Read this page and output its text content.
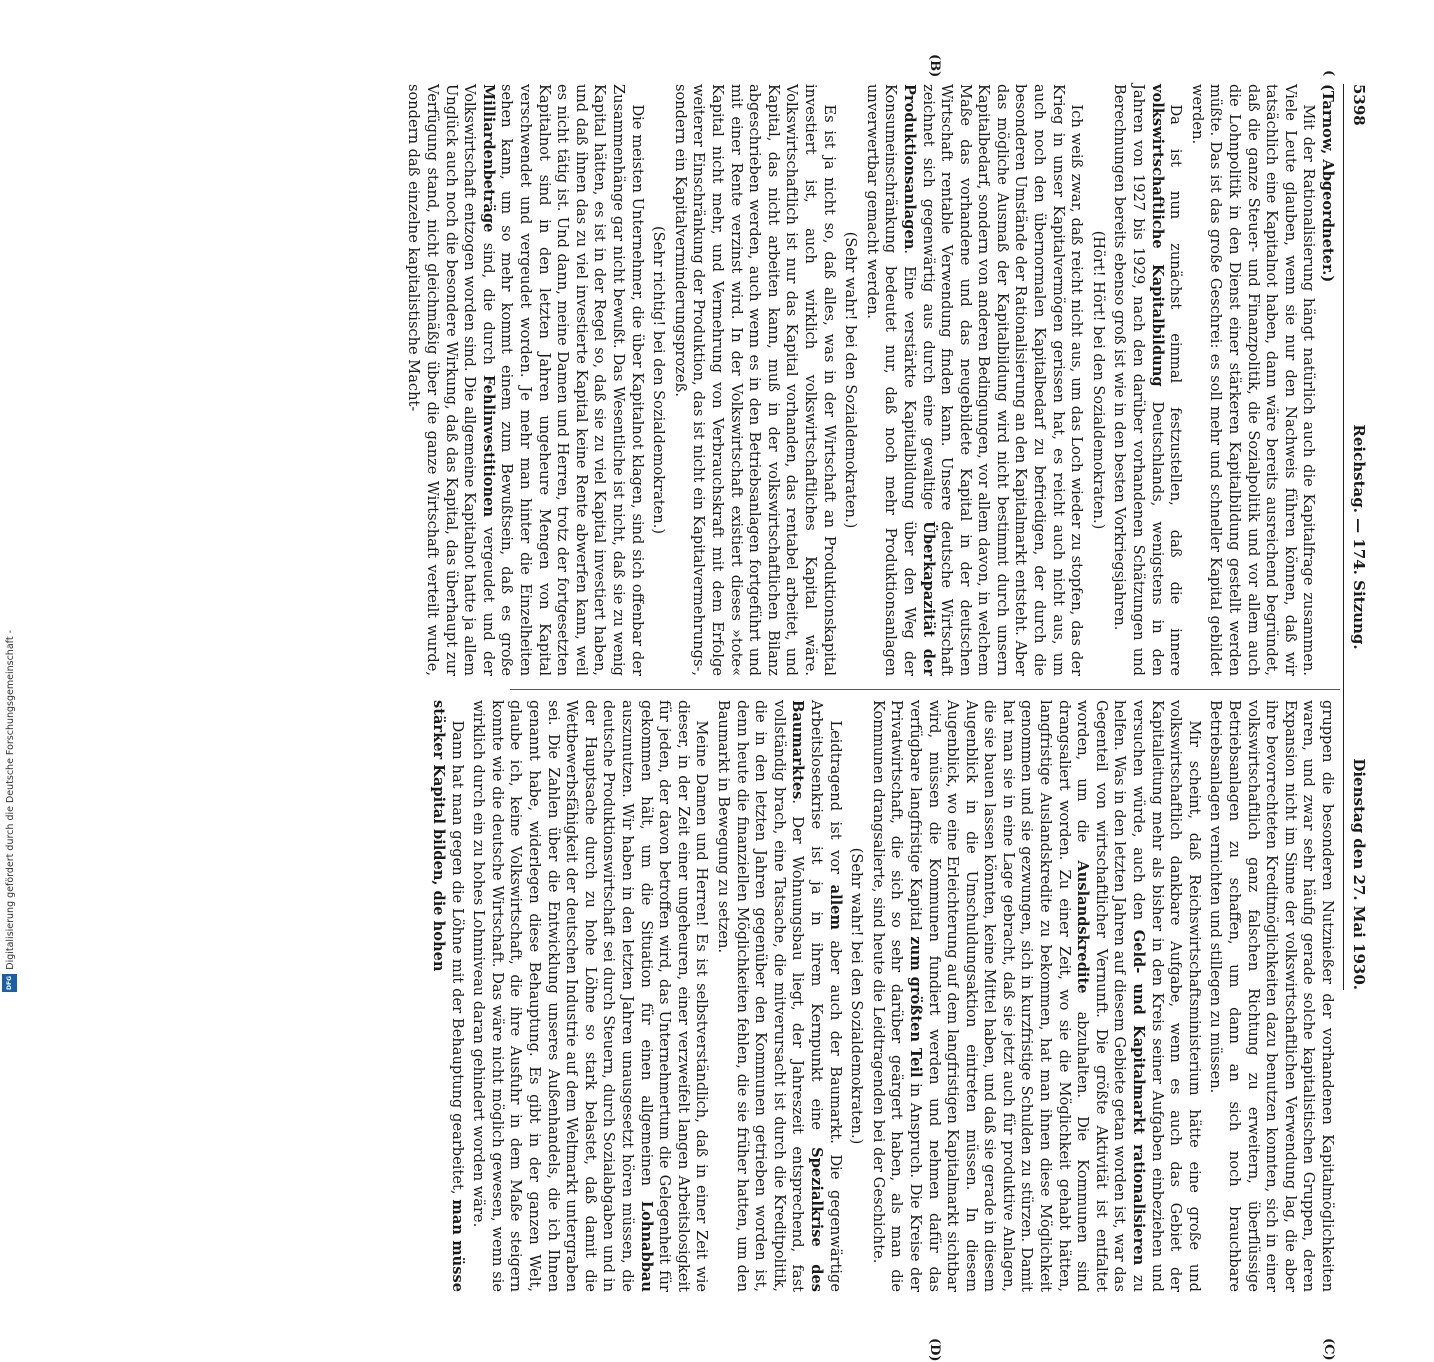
Digitalisierung gefördert durch die Deutsche Forschungsgemeinschaft -
DFG
5398
Reichstag. — 174. Sitzung.
Dienstag den 27. Mai 1930.
(
(B)
(C)
(D)

(Tarnow, Abgeordneter.)

Mit der Rationalisierung hängt natürlich auch die Kapitalfrage zusammen. Viele Leute glauben, wenn sie nur den Nachweis führen können, daß wir tatsächlich eine Kapitalnot haben, dann wäre bereits ausreichend begründet, daß die ganze Steuer- und Finanzpolitik, die Sozialpolitik und vor allem auch die Lohnpolitik in den Dienst einer stärkeren Kapitalbildung gestellt werden müßte. Das ist das große Geschrei: es soll mehr und schneller Kapital gebildet werden.

Da ist nun zunächst einmal festzustellen, daß die innere volkswirtschaftliche Kapitalbildung Deutschlands, wenigstens in den Jahren von 1927 bis 1929, nach den darüber vorhandenen Schätzungen und Berechnungen bereits ebenso groß ist wie in den besten Vorkriegsjahren.

(Hört! Hört! bei den Sozialdemokraten.)

Ich weiß zwar, daß reicht nicht aus, um das Loch wieder zu stopfen, das der Krieg in unser Kapitalvermögen gerissen hat, es reicht auch nicht aus, um auch noch den übernormalen Kapitalbedarf zu befriedigen, der durch die besonderen Umstände der Rationalisierung an den Kapitalmarkt entsteht. Aber das mögliche Ausmaß der Kapitalbildung wird nicht bestimmt durch unsern Kapitalbedarf, sondern von anderen Bedingungen, vor allem davon, in welchem Maße das vorhandene und das neugebildete Kapital in der deutschen Wirtschaft rentable Verwendung finden kann. Unsere deutsche Wirtschaft zeichnet sich gegenwärtig aus durch eine gewaltige Überkapazität der Produktionsanlagen. Eine verstärkte Kapitalbildung über den Weg der Konsumeinschränkung bedeutet nur, daß noch mehr Produktionsanlagen unverwertbar gemacht werden.

(Sehr wahr! bei den Sozialdemokraten.)

Es ist ja nicht so, daß alles, was in der Wirtschaft an Produktionskapital investiert ist, auch wirklich volkswirtschaftliches Kapital wäre. Volkswirtschaftlich ist nur das Kapital vorhanden, das rentabel arbeitet, und Kapital, das nicht arbeiten kann, muß in der volkswirtschaftlichen Bilanz abgeschrieben werden, auch wenn es in den Betriebsanlagen fortgeführt und mit einer Rente verzinst wird. In der Volkswirtschaft existiert dieses »tote« Kapital nicht mehr, und Vermehrung von Verbrauchskraft mit dem Erfolge weiterer Einschränkung der Produktion, das ist nicht ein Kapitalvermehrungs-, sondern ein Kapitalverminderungsprozeß.

(Sehr richtig! bei den Sozialdemokraten.)

Die meisten Unternehmer, die über Kapitalnot klagen, sind sich offenbar der Zusammenhänge gar nicht bewußt. Das Wesentliche ist nicht, daß sie zu wenig Kapital hätten, es ist in der Regel so, daß sie zu viel Kapital investiert haben, und daß ihnen das zu viel investierte Kapital keine Rente abwerfen kann, weil es nicht tätig ist. Und dann, meine Damen und Herren, trotz der fortgesetzten Kapitalnot sind in den letzten Jahren ungeheure Mengen von Kapital verschwendet und vergeudet worden. Je mehr man hinter die Einzelheiten sehen kann, um so mehr kommt einem zum Bewußtsein, daß es große Milliardenbeträge sind, die durch Fehlinvestitionen vergeudet und der Volkswirtschaft entzogen worden sind. Die allgemeine Kapitalnot hatte ja allem Unglück auch noch die besondere Wirkung, daß das Kapital, das überhaupt zur Verfügung stand, nicht gleichmäßig über die ganze Wirtschaft verteilt wurde, sondern daß einzelne kapitalistische Macht-

gruppen die besonderen Nutznießer der vorhandenen Kapitalmöglichkeiten waren, und zwar sehr häufig gerade solche kapitalistischen Gruppen, deren Expansion nicht im Sinne der volkswirtschaftlichen Verwendung lag, die aber ihre bevorrechteten Kreditmöglichkeiten dazu benutzen konnten, sich in einer volkswirtschaftlich ganz falschen Richtung zu erweitern, überflüssige Betriebsanlagen zu schaffen, um dann an sich noch brauchbare Betriebsanlagen vernichten und stillegen zu müssen.

Mir scheint, daß Reichswirtschaftsministerium hätte eine große und volkswirtschaftlich dankbare Aufgabe, wenn es auch das Gebiet der Kapitalleitung mehr als bisher in den Kreis seiner Aufgaben einbeziehen und versuchen würde, auch den Geld- und Kapitalmarkt rationalisieren zu helfen. Was in den letzten Jahren auf diesem Gebiete getan worden ist, war das Gegenteil von wirtschaftlicher Vernunft. Die größte Aktivität ist entfaltet worden, um die Auslandskredite abzuhalten. Die Kommunen sind drangsaliert worden. Zu einer Zeit, wo sie die Möglichkeit gehabt hätten, langfristige Auslandskredite zu bekommen, hat man ihnen diese Möglichkeit genommen und sie gezwungen, sich in kurzfristige Schulden zu stürzen. Damit hat man sie in eine Lage gebracht, daß sie jetzt auch für produktive Anlagen, die sie bauen lassen könnten, keine Mittel haben, und daß sie gerade in diesem Augenblick in die Umschuldungsaktion eintreten müssen. In diesem Augenblick, wo eine Erleichterung auf dem langfristigen Kapitalmarkt sichtbar wird, müssen die Kommunen fundiert werden und nehmen dafür das verfügbare langfristige Kapital zum größten Teil in Anspruch. Die Kreise der Privatwirtschaft, die sich so sehr darüber geärgert haben, als man die Kommunen drangsalierte, sind heute die Leidtragenden bei der Geschichte.

(Sehr wahr! bei den Sozialdemokraten.)

Leidtragend ist vor allem aber auch der Baumarkt. Die gegenwärtige Arbeitslosenkrise ist ja in ihrem Kernpunkt eine Spezialkrise des Baumarktes. Der Wohnungsbau liegt, der Jahreszeit entsprechend, fast vollständig brach, eine Tatsache, die mitverursacht ist durch die Kreditpolitik, die in den letzten Jahren gegenüber den Kommunen getrieben worden ist, denn heute die finanziellen Möglichkeiten fehlen, die sie früher hatten, um den Baumarkt in Bewegung zu setzen.

Meine Damen und Herren! Es ist selbstverständlich, daß in einer Zeit wie dieser, in der Zeit einer ungeheuren, einer verzweifelt langen Arbeitslosigkeit für jeden, der davon betroffen wird, das Unternehmertum die Gelegenheit für gekommen hält, um die Situation für einen allgemeinen Lohnabbau auszunutzen. Wir haben in den letzten Jahren unausgesetzt hören müssen, die deutsche Produktionswirtschaft sei durch Steuern, durch Sozialabgaben und in der Hauptsache durch zu hohe Löhne so stark belastet, daß damit die Wettbewerbsfähigkeit der deutschen Industrie auf dem Weltmarkt untergraben sei. Die Zahlen über die Entwicklung unseres Außenhandels, die ich Ihnen genannt habe, widerlegen diese Behauptung. Es gibt in der ganzen Welt, glaube ich, keine Volkswirtschaft, die ihre Ausfuhr in dem Maße steigern konnte wie die deutsche Wirtschaft. Das wäre nicht möglich gewesen, wenn sie wirklich durch ein zu hohes Lohnniveau daran gehindert worden wäre.

Dann hat man gegen die Löhne mit der Behauptung gearbeitet, man müsse stärker Kapital bilden, die hohen
